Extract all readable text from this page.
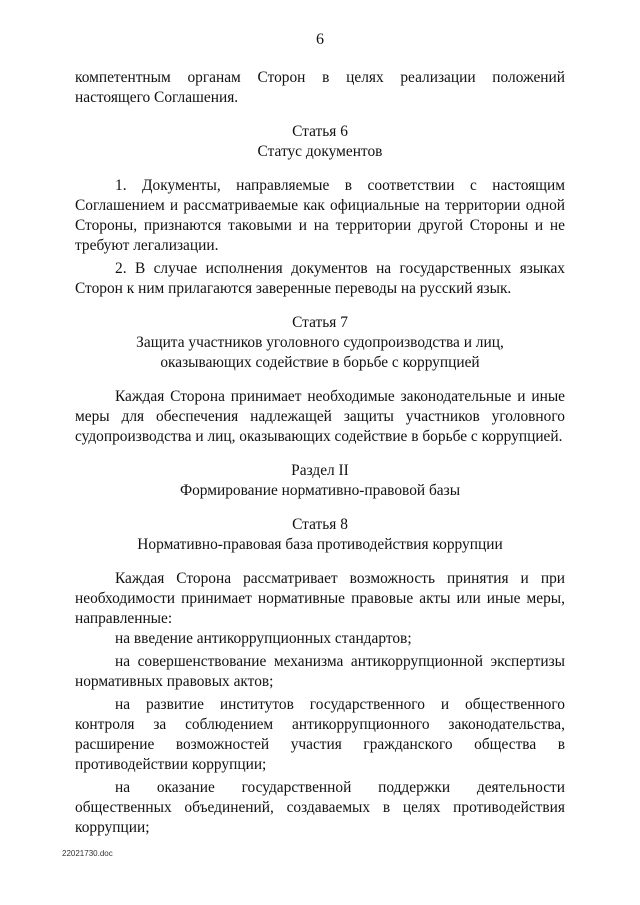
6

компетентным органам Сторон в целях реализации положений настоящего Соглашения.

Статья 6

Статус документов

1. Документы, направляемые в соответствии с настоящим Соглашением и рассматриваемые как официальные на территории одной Стороны, признаются таковыми и на территории другой Стороны и не требуют легализации.

2. В случае исполнения документов на государственных языках Сторон к ним прилагаются заверенные переводы на русский язык.

Статья 7

Защита участников уголовного судопроизводства и лиц,

оказывающих содействие в борьбе с коррупцией

Каждая Сторона принимает необходимые законодательные и иные меры для обеспечения надлежащей защиты участников уголовного судопроизводства и лиц, оказывающих содействие в борьбе с коррупцией.

Раздел II

Формирование нормативно-правовой базы

Статья 8

Нормативно-правовая база противодействия коррупции

Каждая Сторона рассматривает возможность принятия и при необходимости принимает нормативные правовые акты или иные меры, направленные:

на введение антикоррупционных стандартов;
на совершенствование механизма антикоррупционной экспертизы нормативных правовых актов;
на развитие институтов государственного и общественного контроля за соблюдением антикоррупционного законодательства, расширение возможностей участия гражданского общества в противодействии коррупции;
на оказание государственной поддержки деятельности общественных объединений, создаваемых в целях противодействия коррупции;
22021730.doc
